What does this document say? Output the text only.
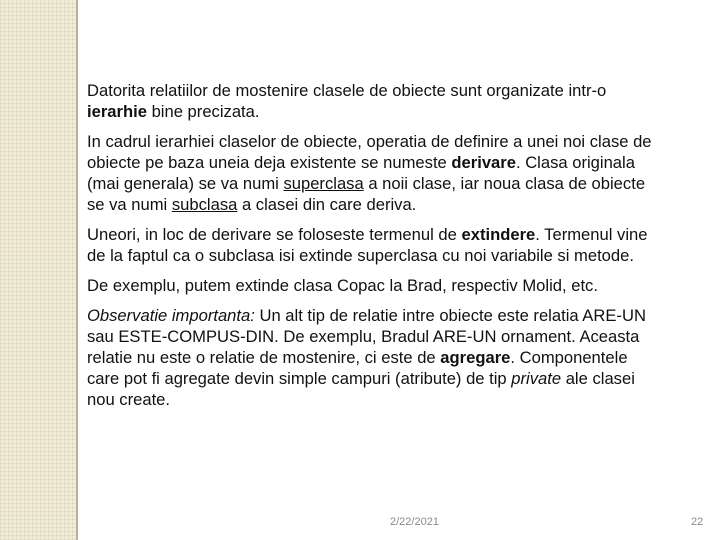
Datorita relatiilor de mostenire clasele de obiecte sunt organizate intr-o
ierarhie bine precizata.

In cadrul ierarhiei claselor de obiecte, operatia de definire a unei noi clase de
obiecte pe baza uneia deja existente se numeste derivare. Clasa originala
(mai generala) se va numi superclasa a noii clase, iar noua clasa de obiecte
se va numi subclasa a clasei din care deriva.

Uneori, in loc de derivare se foloseste termenul de extindere. Termenul vine
de la faptul ca o subclasa isi extinde superclasa cu noi variabile si metode.

De exemplu, putem extinde clasa Copac la Brad, respectiv Molid, etc.

Observatie importanta: Un alt tip de relatie intre obiecte este relatia ARE-UN
sau ESTE-COMPUS-DIN. De exemplu, Bradul ARE-UN ornament. Aceasta
relatie nu este o relatie de mostenire, ci este de agregare. Componentele
care pot fi agregate devin simple campuri (atribute) de tip private ale clasei
nou create.

2/22/2021	22
